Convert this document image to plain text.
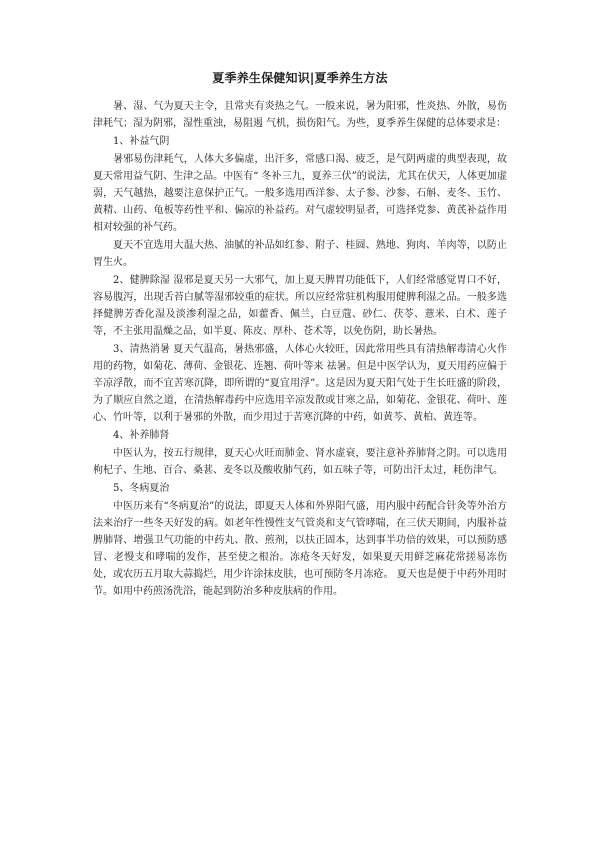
夏季养生保健知识|夏季养生方法

暑、湿、气为夏天主令，且常夹有炎热之气。一般来说，暑为阳邪，性炎热、外散，易伤津耗气；湿为阴邪，湿性重浊，易阻遏 气机，损伤阳气。为些，夏季养生保健的总体要求是：

1、补益气阴

暑邪易伤津耗气，人体大多偏虚，出汗多，常感口渴、疲乏，是气阴两虚的典型表现，故夏天常用益气阴、生津之品。中医有“ 冬补三九，夏养三伏”的说法，尤其在伏天，人体更加虚弱，天气越热，越要注意保护正气。一般多选用西洋参、太子参、沙参、石斛、麦冬、玉竹、黄精、山药、龟板等药性平和、偏凉的补益药。对气虚较明显者，可选择党参、黄芪补益作用相对较强的补气药。

夏天不宜选用大温大热、油腻的补品如红参、附子、桂圆、熟地、狗肉、羊肉等，以防止胃生火。

2、健脾除湿 湿邪是夏天另一大邪气，加上夏天脾胃功能低下，人们经常感觉胃口不好，容易腹泻，出现舌苔白腻等湿邪较重的症状。所以应经常驻机构服用健脾利湿之品。一般多选择健脾芳香化湿及淡渗利湿之品，如藿香、佩兰，白豆蔻、砂仁、茯苓、薏米、白术、莲子等，不主张用温燥之品，如半夏、陈皮、厚朴、苍术等，以免伤阴，助长暑热。

3、清热消暑 夏天气温高，暑热邪盛，人体心火较旺，因此常用些具有清热解毒清心火作用的药物，如菊花、薄荷、金银花、连翘、荷叶等来 祛暑。但是中医学认为，夏天用药应偏于辛凉浮散，而不宜苦寒沉降，即所谓的“夏宜用浮”。这是因为夏天阳气处于生长旺盛的阶段，为了顺应自然之道，在清热解毒药中应选用辛凉发散或甘寒之品，如菊花、金银花、荷叶、莲心、竹叶等，以利于暑邪的外散，而少用过于苦寒沉降的中药，如黄芩、黄柏、黄连等。

4、补养肺肾

中医认为，按五行规律，夏天心火旺而肺金、肾水虚衰，要注意补养肺肾之阴。可以选用枸杞子、生地、百合、桑葚、麦冬以及酸收肺气药，如五味子等，可防出汗太过，耗伤津气。

5、冬病夏治

中医历来有“冬病夏治”的说法，即夏天人体和外界阳气盛，用内服中药配合针灸等外治方法来治疗一些冬天好发的病。如老年性慢性支气管炎和支气管哮喘，在三伏天期间，内服补益脾肺肾、增强卫气功能的中药丸、散、煎剂，以扶正固本，达到事半功倍的效果，可以预防感冒、老慢支和哮喘的发作，甚至使之根治。冻疮冬天好发，如果夏天用鲜芝麻花常搓易冻伤处，或农历五月取大蒜捣烂，用少许涂抹皮肤，也可预防冬月冻疮。 夏天也是便于中药外用时节。如用中药煎汤洗浴，能起到防治多种皮肤病的作用。
